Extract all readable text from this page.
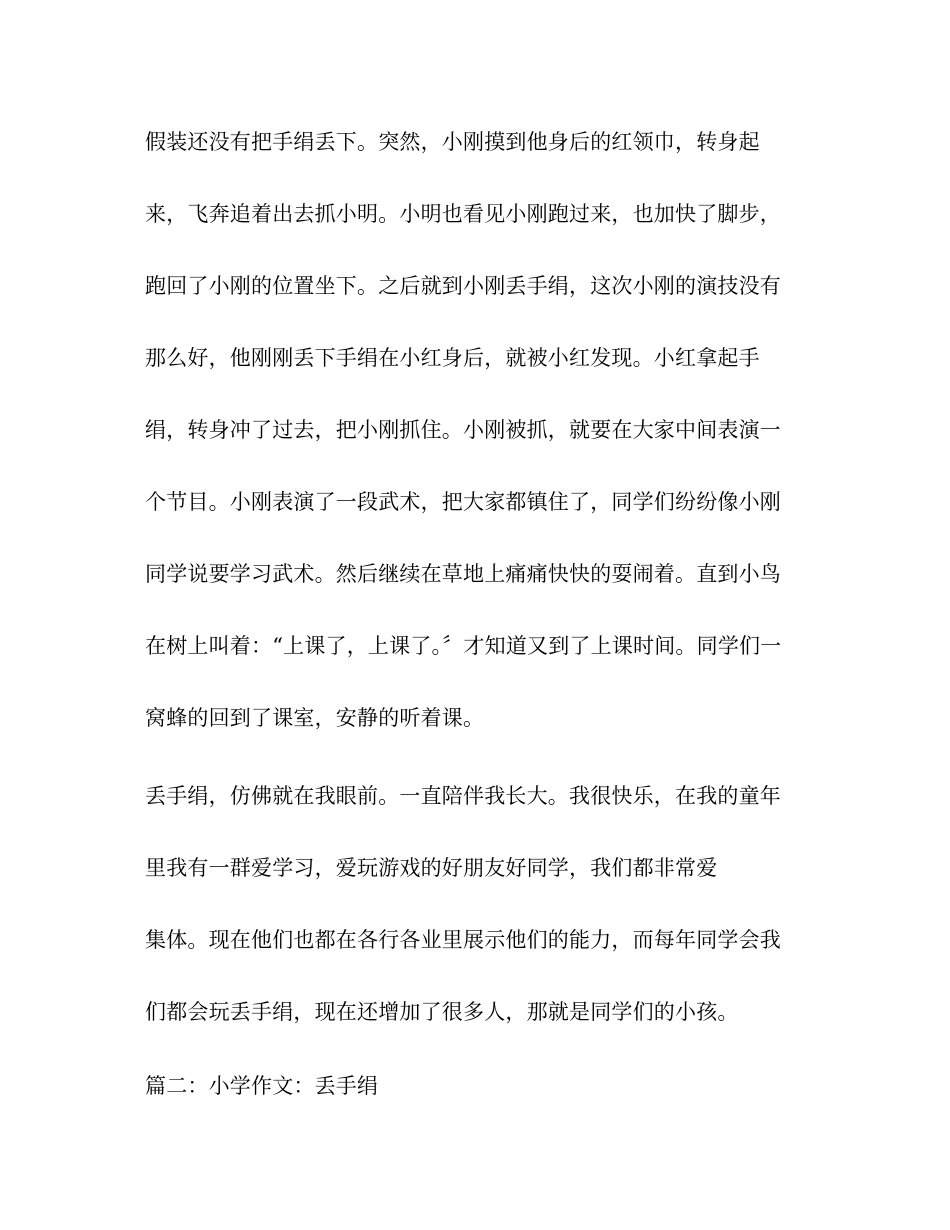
假装还没有把手绢丢下。突然，小刚摸到他身后的红领巾，转身起
来，飞奔追着出去抓小明。小明也看见小刚跑过来，也加快了脚步，
跑回了小刚的位置坐下。之后就到小刚丢手绢，这次小刚的演技没有
那么好，他刚刚丢下手绢在小红身后，就被小红发现。小红拿起手
绢，转身冲了过去，把小刚抓住。小刚被抓，就要在大家中间表演一
个节目。小刚表演了一段武术，把大家都镇住了，同学们纷纷像小刚
同学说要学习武术。然后继续在草地上痛痛快快的耍闹着。直到小鸟
在树上叫着：“上课了，上课了。〞才知道又到了上课时间。同学们一
窝蜂的回到了课室，安静的听着课。
丢手绢，仿佛就在我眼前。一直陪伴我长大。我很快乐，在我的童年
里我有一群爱学习，爱玩游戏的好朋友好同学，我们都非常爱
集体。现在他们也都在各行各业里展示他们的能力，而每年同学会我
们都会玩丢手绢，现在还增加了很多人，那就是同学们的小孩。
篇二：小学作文：丢手绢
